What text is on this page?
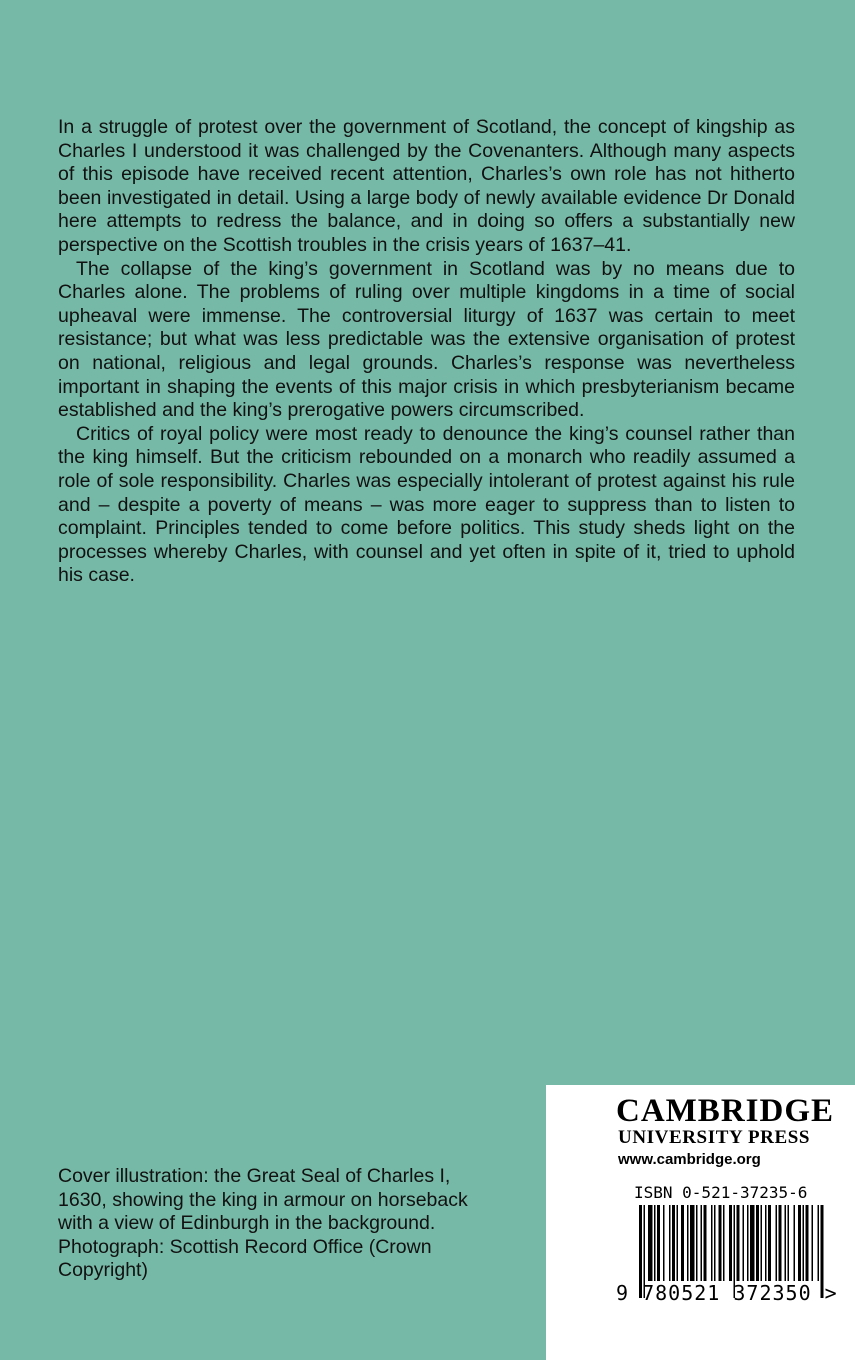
In a struggle of protest over the government of Scotland, the concept of kingship as Charles I understood it was challenged by the Covenanters. Although many aspects of this episode have received recent attention, Charles’s own role has not hitherto been investigated in detail. Using a large body of newly available evidence Dr Donald here attempts to redress the balance, and in doing so offers a substantially new perspective on the Scottish troubles in the crisis years of 1637–41.

The collapse of the king’s government in Scotland was by no means due to Charles alone. The problems of ruling over multiple kingdoms in a time of social upheaval were immense. The controversial liturgy of 1637 was certain to meet resistance; but what was less predictable was the extensive organisation of protest on national, religious and legal grounds. Charles’s response was nevertheless important in shaping the events of this major crisis in which presbyterianism became established and the king’s prerogative powers circumscribed.

Critics of royal policy were most ready to denounce the king’s counsel rather than the king himself. But the criticism rebounded on a monarch who readily assumed a role of sole responsibility. Charles was especially intolerant of protest against his rule and – despite a poverty of means – was more eager to suppress than to listen to complaint. Principles tended to come before politics. This study sheds light on the processes whereby Charles, with counsel and yet often in spite of it, tried to uphold his case.

Cover illustration: the Great Seal of Charles I, 1630, showing the king in armour on horseback with a view of Edinburgh in the background. Photograph: Scottish Record Office (Crown Copyright)
CAMBRIDGE
UNIVERSITY PRESS
www.cambridge.org
ISBN 0-521-37235-6
9 780521 372350 >
